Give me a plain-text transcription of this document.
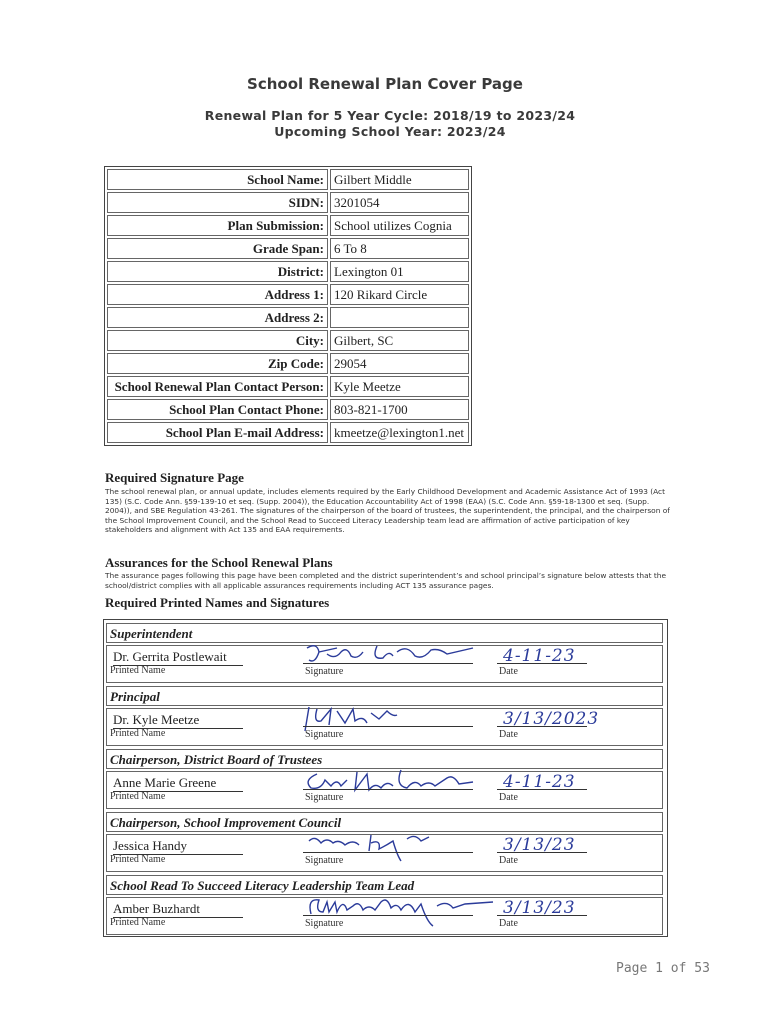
School Renewal Plan Cover Page
Renewal Plan for 5 Year Cycle: 2018/19 to 2023/24
Upcoming School Year: 2023/24
School Name:	Gilbert Middle
SIDN:	3201054
Plan Submission:	School utilizes Cognia
Grade Span:	6 To 8
District:	Lexington 01
Address 1:	120 Rikard Circle
Address 2:	
City:	Gilbert, SC
Zip Code:	29054
School Renewal Plan Contact Person:	Kyle Meetze
School Plan Contact Phone:	803-821-1700
School Plan E-mail Address:	kmeetze@lexington1.net
Required Signature Page
The school renewal plan, or annual update, includes elements required by the Early Childhood Development and Academic Assistance Act of 1993 (Act 135) (S.C. Code Ann. §59-139-10 et seq. (Supp. 2004)), the Education Accountability Act of 1998 (EAA) (S.C. Code Ann. §59-18-1300 et seq. (Supp. 2004)), and SBE Regulation 43-261. The signatures of the chairperson of the board of trustees, the superintendent, the principal, and the chairperson of the School Improvement Council, and the School Read to Succeed Literacy Leadership team lead are affirmation of active participation of key stakeholders and alignment with Act 135 and EAA requirements.
Assurances for the School Renewal Plans
The assurance pages following this page have been completed and the district superintendent’s and school principal’s signature below attests that the school/district complies with all applicable assurances requirements including ACT 135 assurance pages.
Required Printed Names and Signatures
Superintendent
Dr. Gerrita Postlewait
Printed Name	Signature
4-11-23
Date
Principal
Dr. Kyle Meetze
Printed Name	Signature
3/13/2023
Date
Chairperson, District Board of Trustees
Anne Marie Greene
Printed Name	Signature
4-11-23
Date
Chairperson, School Improvement Council
Jessica Handy
Printed Name	Signature
3/13/23
Date
School Read To Succeed Literacy Leadership Team Lead
Amber Buzhardt
Printed Name	Signature
3/13/23
Date
Page 1 of 53
